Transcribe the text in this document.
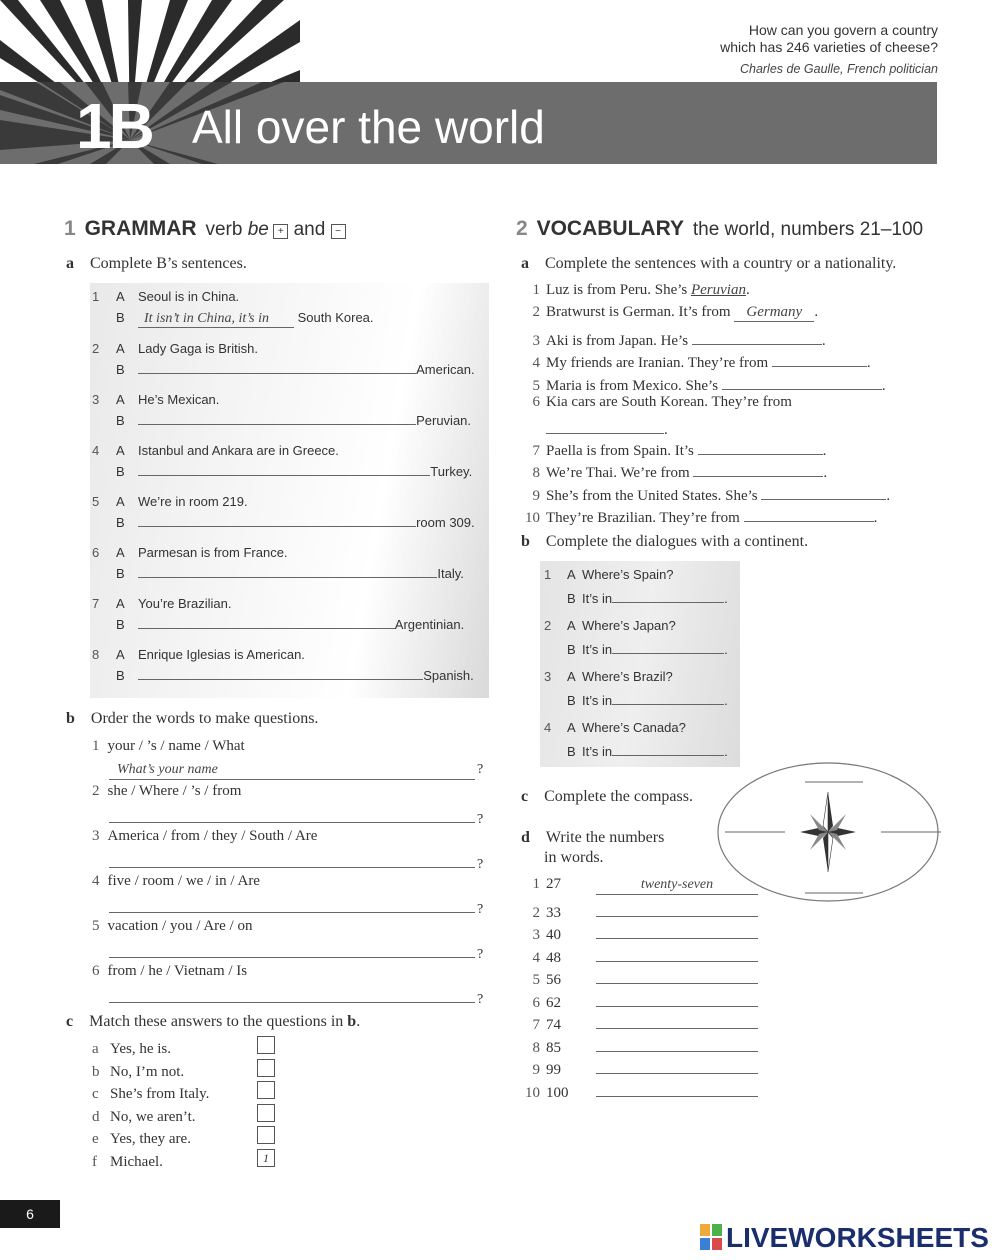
How can you govern a country
which has 246 varieties of cheese?
Charles de Gaulle, French politician
1B All over the world
1 GRAMMAR verb be + and −
a Complete B’s sentences.
1 A Seoul is in China.
B It isn’t in China, it’s in South Korea.
2 A Lady Gaga is British.
B	American.
3 A He’s Mexican.
B	Peruvian.
4 A Istanbul and Ankara are in Greece.
B	Turkey.
5 A We’re in room 219.
B	room 309.
6 A Parmesan is from France.
B	Italy.
7 A You’re Brazilian.
B	Argentinian.
8 A Enrique Iglesias is American.
B	Spanish.
b Order the words to make questions.
1 your / ’s / name / What
What’s your name	?
2 she / Where / ’s / from
?
3 America / from / they / South / Are
?
4 five / room / we / in / Are
?
5 vacation / you / Are / on
?
6 from / he / Vietnam / Is
?
c Match these answers to the questions in b.
a Yes, he is.
b No, I’m not.
c She’s from Italy.
d No, we aren’t.
e Yes, they are.
f Michael.	1
2 VOCABULARY the world, numbers 21–100
a Complete the sentences with a country or a nationality.
1 Luz is from Peru. She’s Peruvian.
2 Bratwurst is German. It’s from Germany .
3 Aki is from Japan. He’s	.
4 My friends are Iranian. They’re from	.
5 Maria is from Mexico. She’s	.
6 Kia cars are South Korean. They’re from
.
7 Paella is from Spain. It’s	.
8 We’re Thai. We’re from	.
9 She’s from the United States. She’s	.
10 They’re Brazilian. They’re from	.
b Complete the dialogues with a continent.
1 A Where’s Spain?
B It’s in	.
2 A Where’s Japan?
B It’s in	.
3 A Where’s Brazil?
B It’s in	.
4 A Where’s Canada?
B It’s in	.
c Complete the compass.
d Write the numbers
in words.
1 27	twenty-seven
2 33
3 40
4 48
5 56
6 62
7 74
8 85
9 99
10 100
6
LIVEWORKSHEETS
